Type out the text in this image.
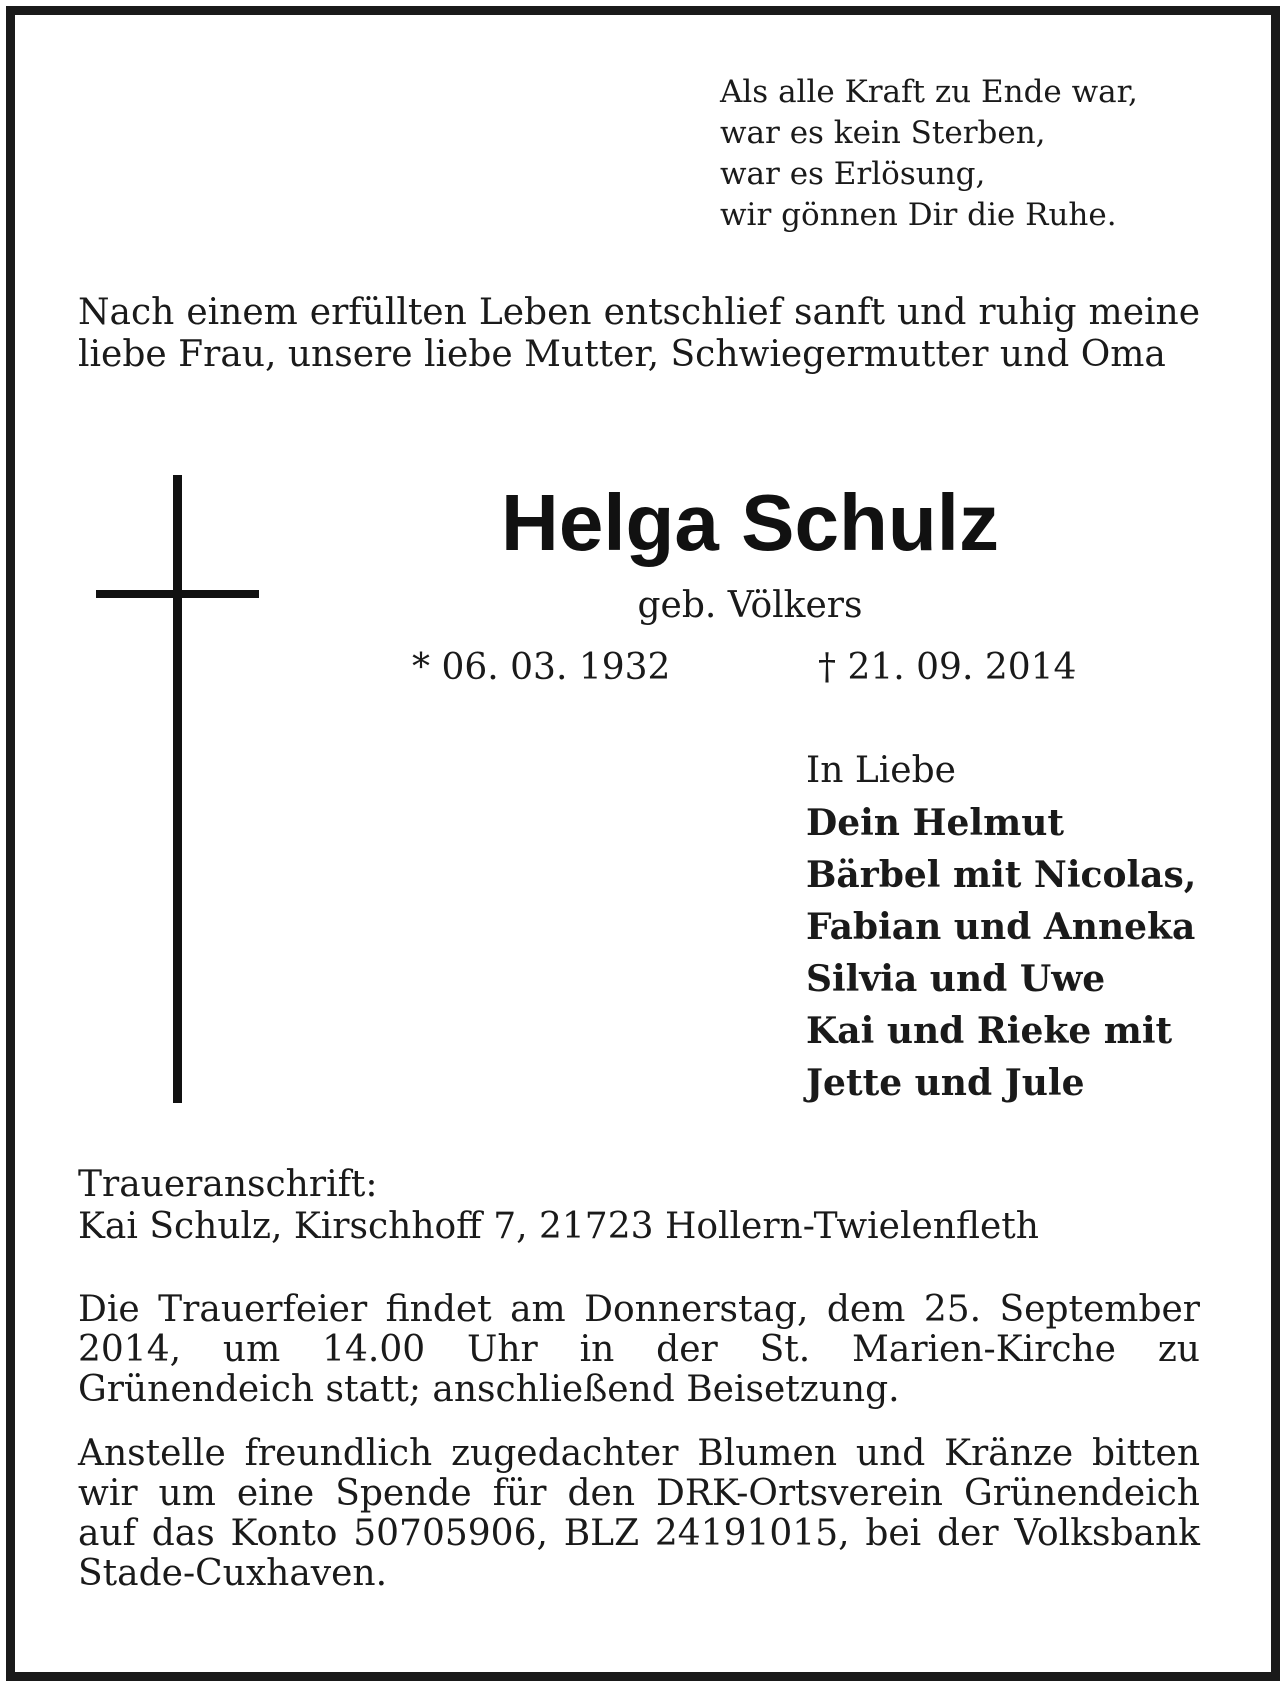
Als alle Kraft zu Ende war,
war es kein Sterben,
war es Erlösung,
wir gönnen Dir die Ruhe.
Nach einem erfüllten Leben entschlief sanft und ruhig meine liebe Frau, unsere liebe Mutter, Schwiegermutter und Oma
Helga Schulz
geb. Völkers
* 06. 03. 1932	† 21. 09. 2014
In Liebe
Dein Helmut
Bärbel mit Nicolas,
Fabian und Anneka
Silvia und Uwe
Kai und Rieke mit
Jette und Jule
Traueranschrift:
Kai Schulz, Kirschhoff 7, 21723 Hollern-Twielenfleth
Die Trauerfeier findet am Donnerstag, dem 25. September 2014, um 14.00 Uhr in der St. Marien-Kirche zu Grünendeich statt; anschließend Beisetzung.
Anstelle freundlich zugedachter Blumen und Kränze bitten wir um eine Spende für den DRK-Ortsverein Grünendeich auf das Konto 50705906, BLZ 24191015, bei der Volksbank Stade-Cuxhaven.
